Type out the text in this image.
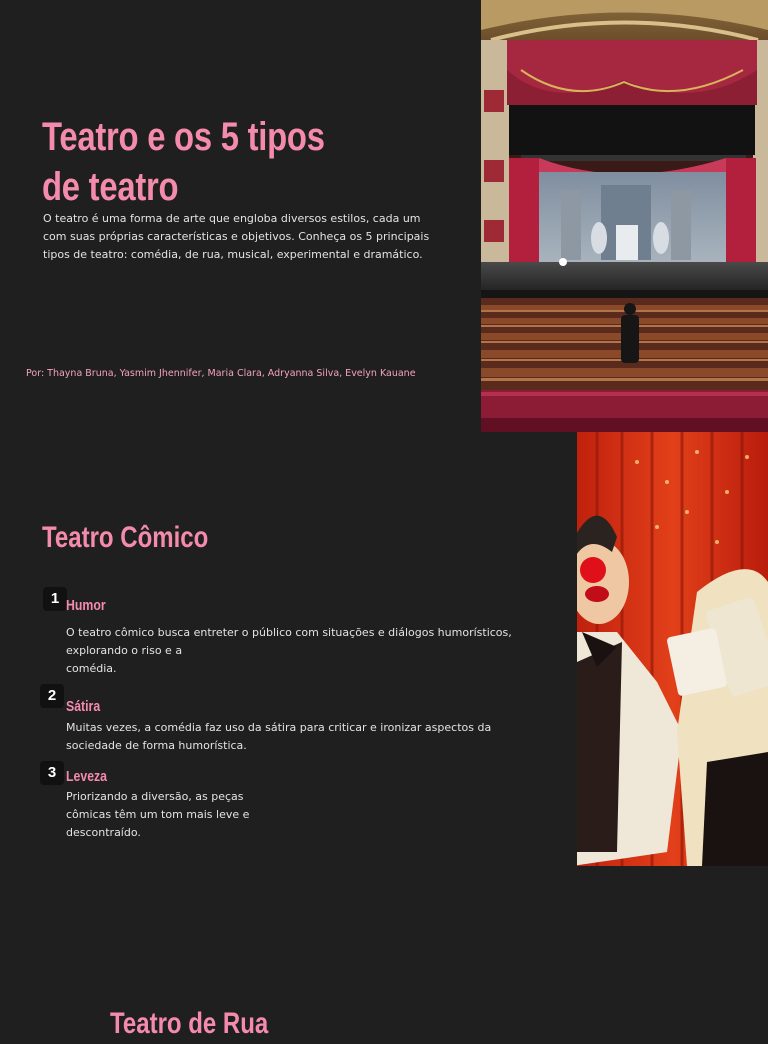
Teatro e os 5 tipos de teatro
O teatro é uma forma de arte que engloba diversos estilos, cada um com suas próprias características e objetivos. Conheça os 5 principais tipos de teatro: comédia, de rua, musical, experimental e dramático.
Por: Thayna Bruna, Yasmim Jhennifer, Maria Clara, Adryanna Silva, Evelyn Kauane
Teatro Cômico
1 Humor
O teatro cômico busca entreter o público com situações e diálogos humorísticos,
explorando o riso e a
comédia.
2
Sátira
Muitas vezes, a comédia faz uso da sátira para criticar e ironizar aspectos da
sociedade de forma humorística.
3 Leveza
Priorizando a diversão, as peças
cômicas têm um tom mais leve e
descontraído.
Teatro de Rua
